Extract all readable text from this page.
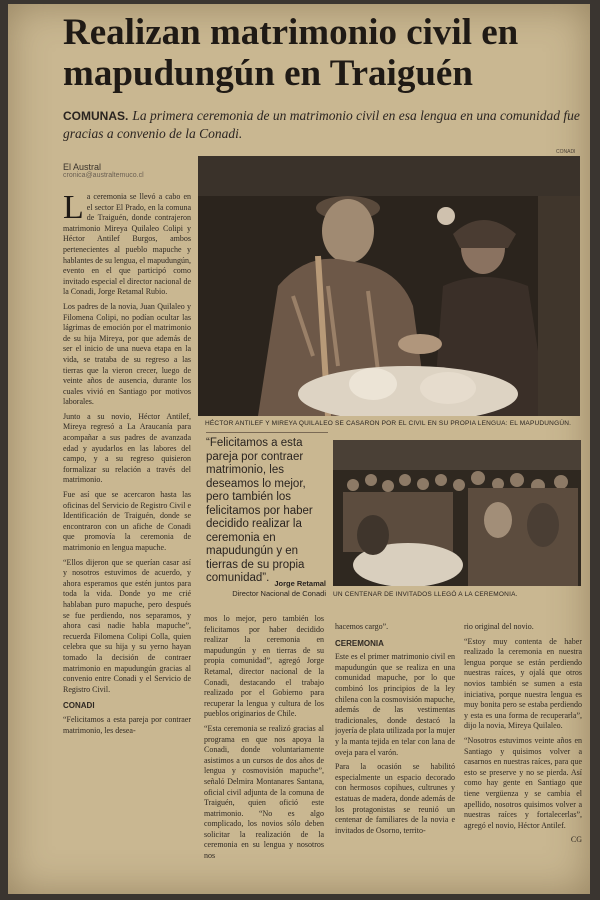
Realizan matrimonio civil en mapudungún en Traiguén
COMUNAS. La primera ceremonia de un matrimonio civil en esa lengua en una comunidad fue gracias a convenio de la Conadi.
El Austral
cronica@australtemuco.cl

La ceremonia se llevó a cabo en el sector El Prado, en la comuna de Traiguén, donde contrajeron matrimonio Mireya Quilaleo Colipi y Héctor Antilef Burgos, ambos pertenecientes al pueblo mapuche y hablantes de su lengua, el mapudungún, evento en el que participó como invitado especial el director nacional de la Conadi, Jorge Retamal Rubio.

Los padres de la novia, Juan Quilaleo y Filomena Colipi, no podían ocultar las lágrimas de emoción por el matrimonio de su hija Mireya, por que además de ser el inicio de una nueva etapa en la vida, se trataba de su regreso a las tierras que la vieron crecer, luego de veinte años de ausencia, durante los cuales vivió en Santiago por motivos laborales.

Junto a su novio, Héctor Antilef, Mireya regresó a La Araucanía para acompañar a sus padres de avanzada edad y ayudarlos en las labores del campo, y a su regreso quisieron formalizar su relación a través del matrimonio.

Fue así que se acercaron hasta las oficinas del Servicio de Registro Civil e Identificación de Traiguén, donde se encontraron con un afiche de Conadi que promovía la ceremonia de matrimonio en lengua mapuche.

“Ellos dijeron que se querían casar así y nosotros estuvimos de acuerdo, y ahora esperamos que estén juntos para toda la vida. Donde yo me crié hablaban puro mapuche, pero después se fue perdiendo, nos separamos, y ahora casi nadie habla mapuche”, recuerda Filomena Colipi Colla, quien celebra que su hija y su yerno hayan tomado la decisión de contraer matrimonio en mapudungún gracias al convenio entre Conadi y el Servicio de Registro Civil.

CONADI

“Felicitamos a esta pareja por contraer matrimonio, les desea-

CONADI
HÉCTOR ANTILEF Y MIREYA QUILALEO SE CASARON POR EL CIVIL EN SU PROPIA LENGUA: EL MAPUDUNGÚN.
“Felicitamos a esta pareja por contraer matrimonio, les deseamos lo mejor, pero también los felicitamos por haber decidido realizar la ceremonia en mapudungún y en tierras de su propia comunidad”. Jorge Retamal
Director Nacional de Conadi UN CENTENAR DE INVITADOS LLEGÓ A LA CEREMONIA.

mos lo mejor, pero también los felicitamos por haber decidido realizar la ceremonia en mapudungún y en tierras de su propia comunidad”, agregó Jorge Retamal, director nacional de la Conadi, destacando el trabajo realizado por el Gobierno para recuperar la lengua y cultura de los pueblos originarios de Chile.

“Esta ceremonia se realizó gracias al programa en que nos apoya la Conadi, donde voluntariamente asistimos a un cursos de dos años de lengua y cosmovisión mapuche”, señaló Delmira Montanares Santana, oficial civil adjunta de la comuna de Traiguén, quien ofició este matrimonio. “No es algo complicado, los novios sólo deben solicitar la realización de la ceremonia en su lengua y nosotros nos

hacemos cargo”.

CEREMONIA

Este es el primer matrimonio civil en mapudungún que se realiza en una comunidad mapuche, por lo que combinó los principios de la ley chilena con la cosmovisión mapuche, además de las vestimentas tradicionales, donde destacó la joyería de plata utilizada por la mujer y la manta tejida en telar con lana de oveja para el varón.

Para la ocasión se habilitó especialmente un espacio decorado con hermosos copihues, cultrunes y estatuas de madera, donde además de los protagonistas se reunió un centenar de familiares de la novia e invitados de Osorno, territo-

rio original del novio.

“Estoy muy contenta de haber realizado la ceremonia en nuestra lengua porque se están perdiendo nuestras raíces, y ojalá que otros novios también se sumen a esta iniciativa, porque nuestra lengua es muy bonita pero se estaba perdiendo y esta es una forma de recuperarla”, dijo la novia, Mireya Quilaleo.

“Nosotros estuvimos veinte años en Santiago y quisimos volver a casarnos en nuestras raíces, para que esto se preserve y no se pierda. Así como hay gente en Santiago que tiene vergüenza y se cambia el apellido, nosotros quisimos volver a nuestras raíces y fortalecerlas”, agregó el novio, Héctor Antilef.

CG
